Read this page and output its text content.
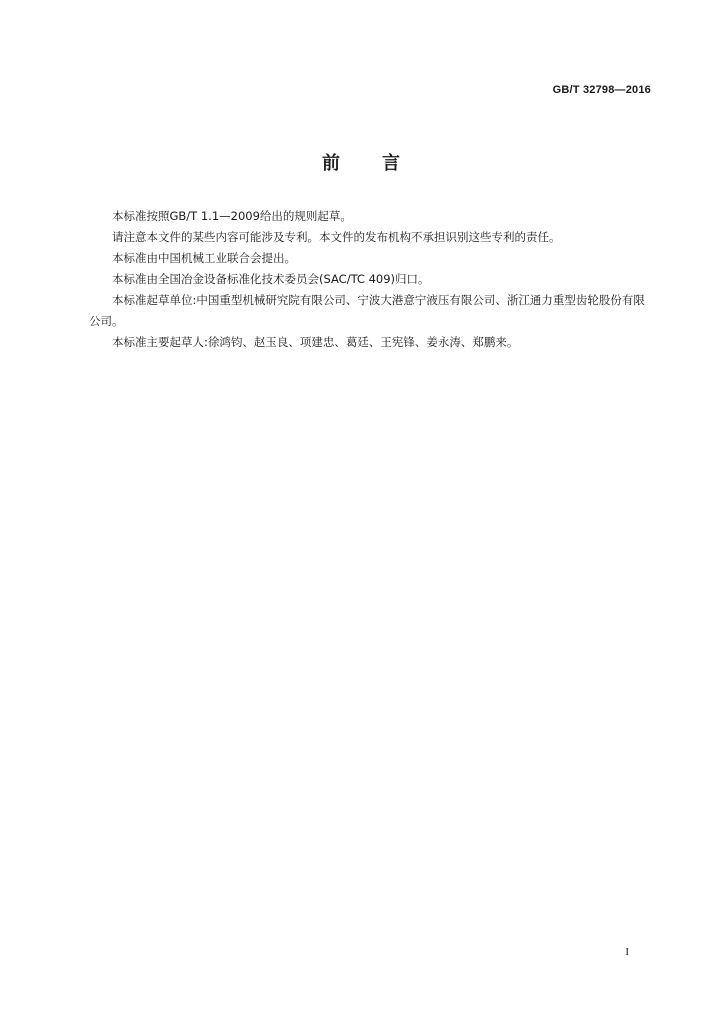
GB/T 32798—2016
前 言

本标准按照GB/T 1.1—2009给出的规则起草。

请注意本文件的某些内容可能涉及专利。本文件的发布机构不承担识别这些专利的责任。

本标准由中国机械工业联合会提出。

本标准由全国冶金设备标准化技术委员会(SAC/TC 409)归口。

本标准起草单位:中国重型机械研究院有限公司、宁波大港意宁液压有限公司、浙江通力重型齿轮股份有限公司。

本标准主要起草人:徐鸿钧、赵玉良、项建忠、葛廷、王宪锋、姜永涛、郑鹏来。

I
